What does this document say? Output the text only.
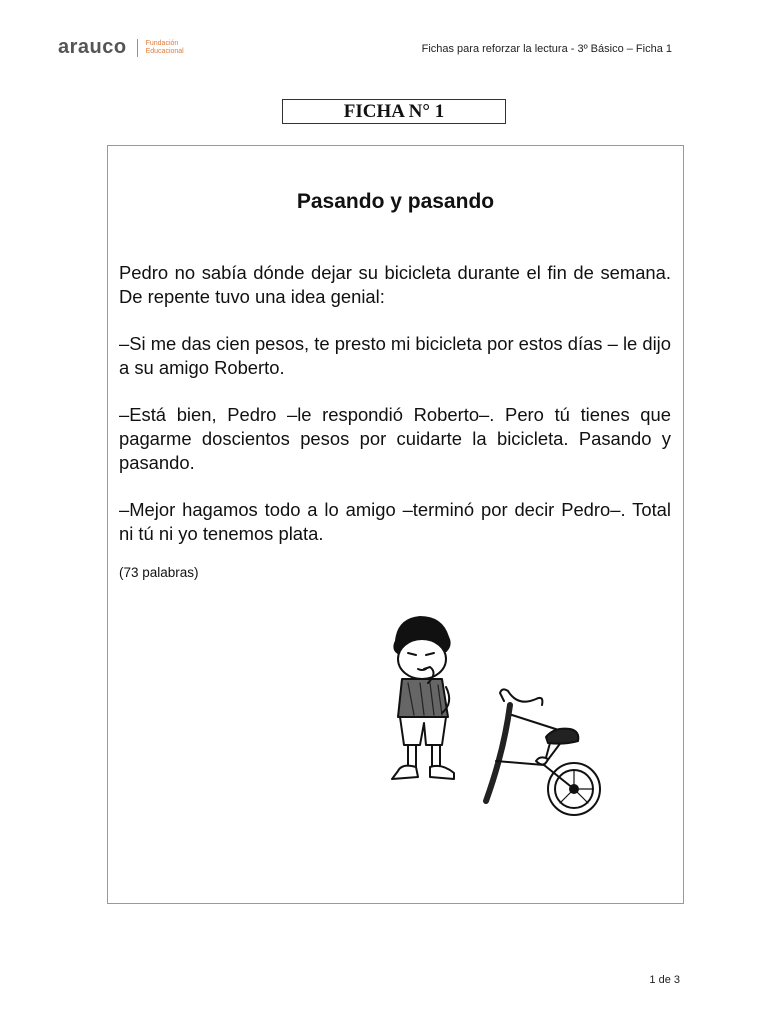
arauco	Fundación
Educacional	Fichas para reforzar la lectura - 3º Básico – Ficha 1
FICHA N° 1
Pasando y pasando

Pedro no sabía dónde dejar su bicicleta durante el fin de semana. De repente tuvo una idea genial:

–Si me das cien pesos, te presto mi bicicleta por estos días – le dijo a su amigo Roberto.

–Está bien, Pedro –le respondió Roberto–. Pero tú tienes que pagarme doscientos pesos por cuidarte la bicicleta. Pasando y pasando.

–Mejor hagamos todo a lo amigo –terminó por decir Pedro–. Total ni tú ni yo tenemos plata.

(73 palabras)
1 de 3
